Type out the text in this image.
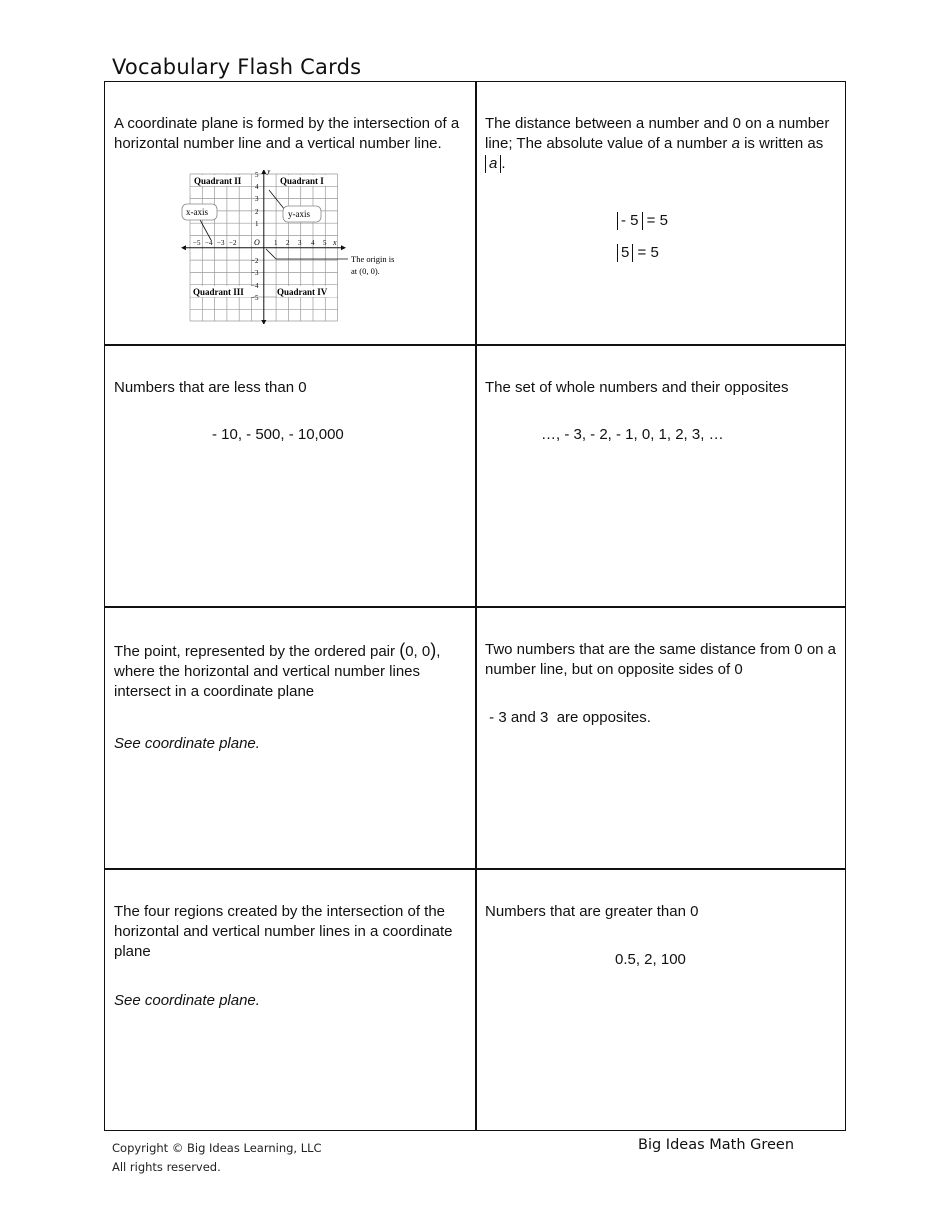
Vocabulary Flash Cards
A coordinate plane is formed by the intersection of a horizontal number line and a vertical number line.
Quadrant II	Quadrant I
Quadrant III	Quadrant IV
x
y
O
−5 −4 −3 −2	1 2 3 4 5
5
4
3
2
1
−2
−3
−4
−5
x-axis	y-axis
The origin is
at (0, 0).
The distance between a number and 0 on a number line; The absolute value of a number a is written as a .
- 5 = 5
5 = 5
Numbers that are less than 0
- 10, - 500, - 10,000
The set of whole numbers and their opposites
…, - 3, - 2, - 1, 0, 1, 2, 3, …
The point, represented by the ordered pair (0, 0), where the horizontal and vertical number lines intersect in a coordinate plane
See coordinate plane.
Two numbers that are the same distance from 0 on a number line, but on opposite sides of 0
- 3 and 3  are opposites.
The four regions created by the intersection of the horizontal and vertical number lines in a coordinate plane
See coordinate plane.
Numbers that are greater than 0
0.5, 2, 100
Copyright © Big Ideas Learning, LLC
All rights reserved.
Big Ideas Math Green
